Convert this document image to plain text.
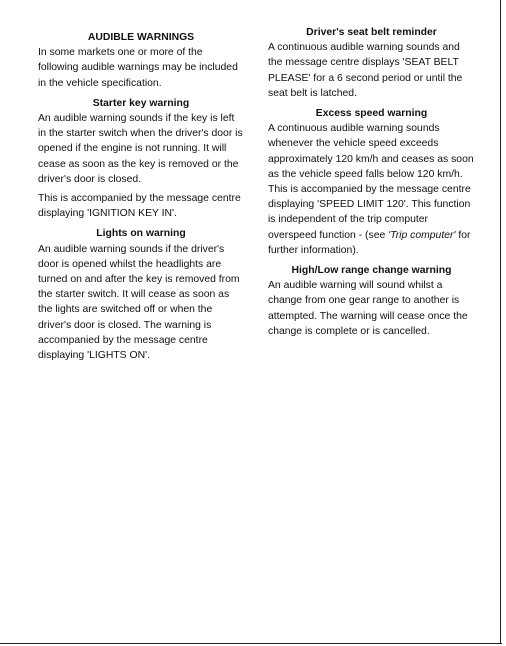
AUDIBLE WARNINGS

In some markets one or more of the following audible warnings may be included in the vehicle specification.

Starter key warning

An audible warning sounds if the key is left in the starter switch when the driver's door is opened if the engine is not running. It will cease as soon as the key is removed or the driver's door is closed.

This is accompanied by the message centre displaying 'IGNITION KEY IN'.

Lights on warning

An audible warning sounds if the driver's door is opened whilst the headlights are turned on and after the key is removed from the starter switch. It will cease as soon as the lights are switched off or when the driver's door is closed. The warning is accompanied by the message centre displaying 'LIGHTS ON'.

Driver's seat belt reminder

A continuous audible warning sounds and the message centre displays 'SEAT BELT PLEASE' for a 6 second period or until the seat belt is latched.

Excess speed warning

A continuous audible warning sounds whenever the vehicle speed exceeds approximately 120 km/h and ceases as soon as the vehicle speed falls below 120 km/h. This is accompanied by the message centre displaying 'SPEED LIMIT 120'. This function is independent of the trip computer overspeed function - (see 'Trip computer' for further information).

High/Low range change warning

An audible warning will sound whilst a change from one gear range to another is attempted. The warning will cease once the change is complete or is cancelled.
